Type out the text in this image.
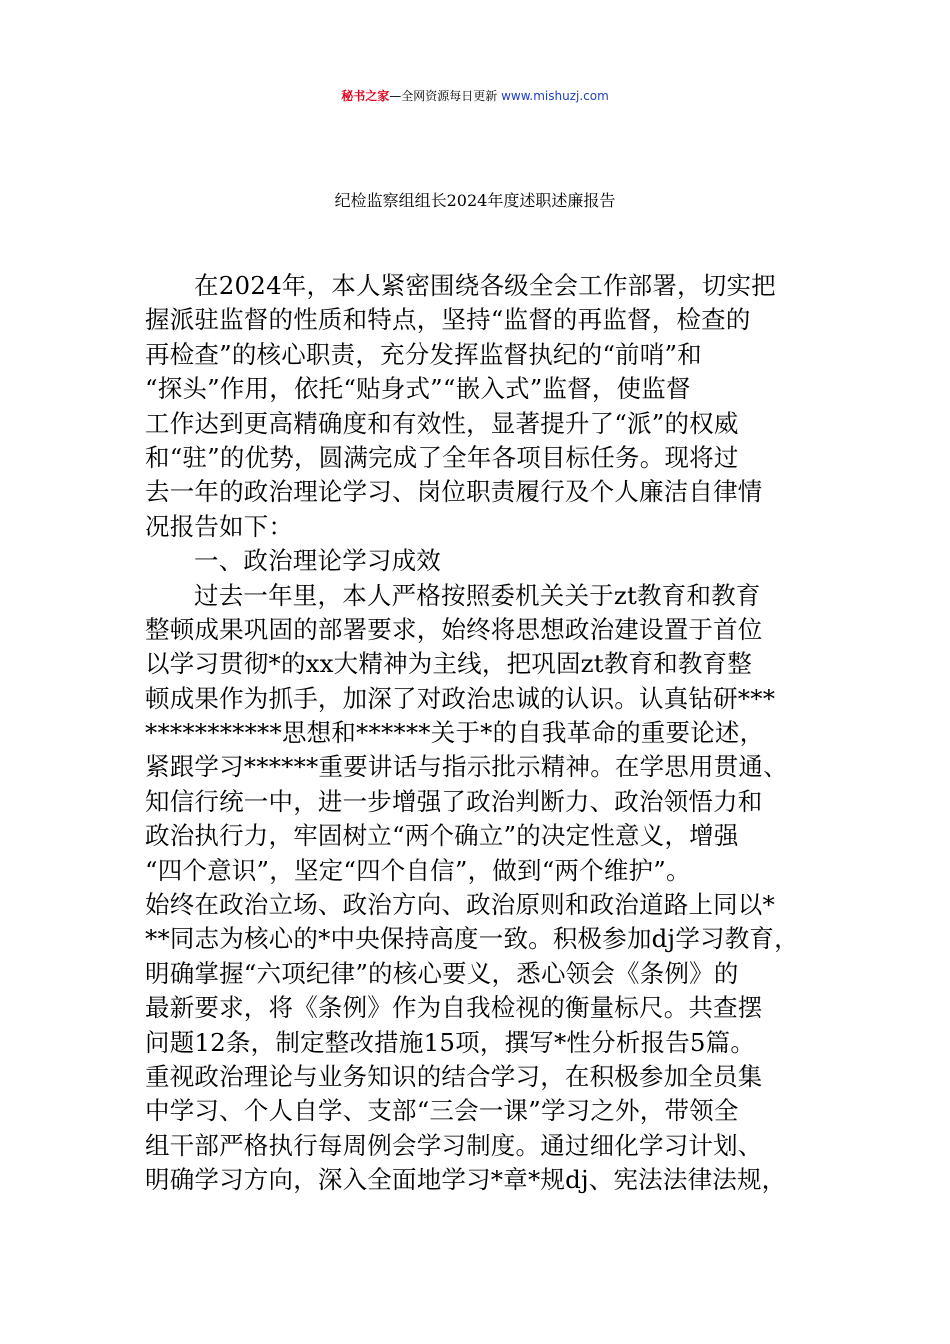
秘书之家—全网资源每日更新 www.mishuzj.com
纪检监察组组长2024年度述职述廉报告
在2024年，本人紧密围绕各级全会工作部署，切实把
握派驻监督的性质和特点，坚持“监督的再监督，检查的
再检查”的核心职责，充分发挥监督执纪的“前哨”和
“探头”作用，依托“贴身式”“嵌入式”监督，使监督
工作达到更高精确度和有效性，显著提升了“派”的权威
和“驻”的优势，圆满完成了全年各项目标任务。现将过
去一年的政治理论学习、岗位职责履行及个人廉洁自律情
况报告如下：
一、政治理论学习成效
过去一年里，本人严格按照委机关关于zt教育和教育
整顿成果巩固的部署要求，始终将思想政治建设置于首位
以学习贯彻*的xx大精神为主线，把巩固zt教育和教育整
顿成果作为抓手，加深了对政治忠诚的认识。认真钻研***
***********思想和******关于*的自我革命的重要论述，
紧跟学习******重要讲话与指示批示精神。在学思用贯通、
知信行统一中，进一步增强了政治判断力、政治领悟力和
政治执行力，牢固树立“两个确立”的决定性意义，增强
“四个意识”，坚定“四个自信”，做到“两个维护”。
始终在政治立场、政治方向、政治原则和政治道路上同以*
**同志为核心的*中央保持高度一致。积极参加dj学习教育，
明确掌握“六项纪律”的核心要义，悉心领会《条例》的
最新要求，将《条例》作为自我检视的衡量标尺。共查摆
问题12条，制定整改措施15项，撰写*性分析报告5篇。
重视政治理论与业务知识的结合学习，在积极参加全员集
中学习、个人自学、支部“三会一课”学习之外，带领全
组干部严格执行每周例会学习制度。通过细化学习计划、
明确学习方向，深入全面地学习*章*规dj、宪法法律法规，
